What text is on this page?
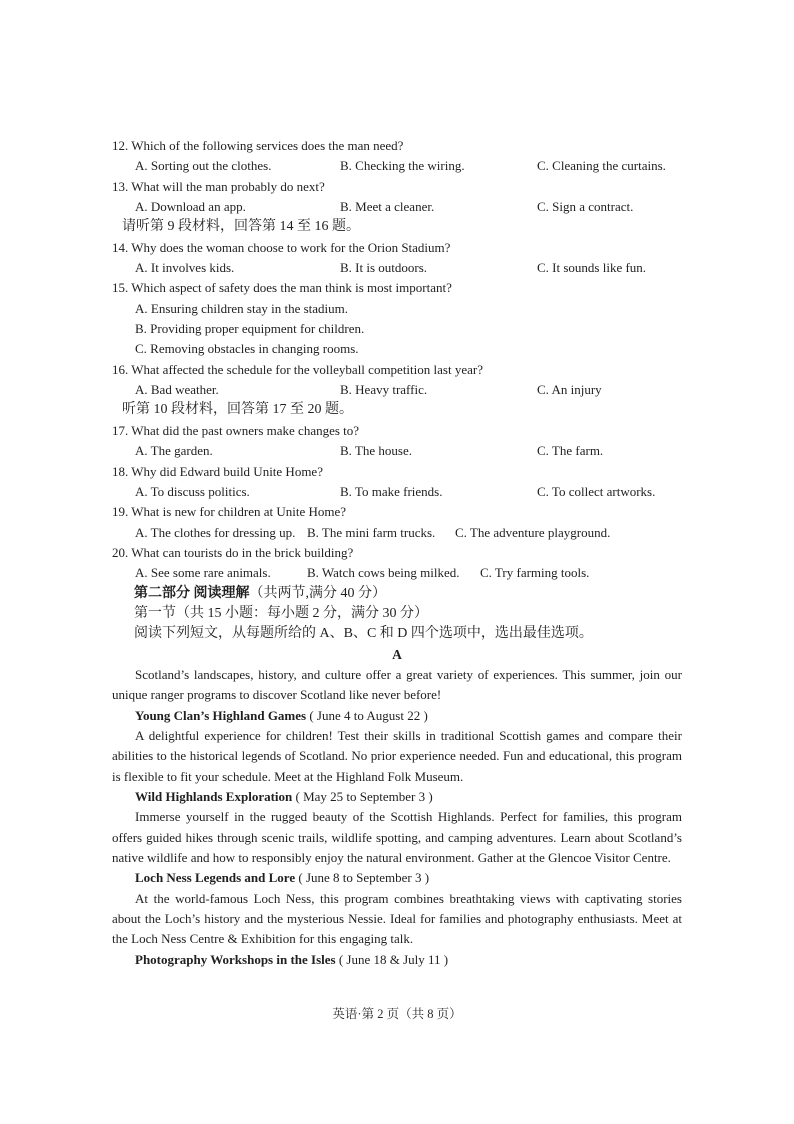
12. Which of the following services does the man need?

A. Sorting out the clothes.	B. Checking the wiring.	C. Cleaning the curtains.

13. What will the man probably do next?

A. Download an app.	B. Meet a cleaner.	C. Sign a contract.

请听第 9 段材料，回答第 14 至 16 题。

14. Why does the woman choose to work for the Orion Stadium?

A. It involves kids.	B. It is outdoors.	C. It sounds like fun.

15. Which aspect of safety does the man think is most important?

A. Ensuring children stay in the stadium.

B. Providing proper equipment for children.

C. Removing obstacles in changing rooms.

16. What affected the schedule for the volleyball competition last year?

A. Bad weather.	B. Heavy traffic.	C. An injury

听第 10 段材料，回答第 17 至 20 题。

17. What did the past owners make changes to?

A. The garden.	B. The house.	C. The farm.

18. Why did Edward build Unite Home?

A. To discuss politics.	B. To make friends.	C. To collect artworks.

19. What is new for children at Unite Home?

A. The clothes for dressing up. B. The mini farm trucks.	C. The adventure playground.

20. What can tourists do in the brick building?

A. See some rare animals.	B. Watch cows being milked.	C. Try farming tools.

第二部分 阅读理解（共两节,满分 40 分）

第一节（共 15 小题：每小题 2 分，满分 30 分）

阅读下列短文，从每题所给的 A、B、C 和 D 四个选项中，选出最佳选项。

A

Scotland’s landscapes, history, and culture offer a great variety of experiences. This summer, join our unique ranger programs to discover Scotland like never before!

Young Clan’s Highland Games ( June 4 to August 22 )

A delightful experience for children! Test their skills in traditional Scottish games and compare their abilities to the historical legends of Scotland. No prior experience needed. Fun and educational, this program is flexible to fit your schedule. Meet at the Highland Folk Museum.

Wild Highlands Exploration ( May 25 to September 3 )

Immerse yourself in the rugged beauty of the Scottish Highlands. Perfect for families, this program offers guided hikes through scenic trails, wildlife spotting, and camping adventures. Learn about Scotland’s native wildlife and how to responsibly enjoy the natural environment. Gather at the Glencoe Visitor Centre.

Loch Ness Legends and Lore ( June 8 to September 3 )

At the world-famous Loch Ness, this program combines breathtaking views with captivating stories about the Loch’s history and the mysterious Nessie. Ideal for families and photography enthusiasts. Meet at the Loch Ness Centre & Exhibition for this engaging talk.

Photography Workshops in the Isles ( June 18 & July 11 )

英语·第 2 页（共 8 页）
